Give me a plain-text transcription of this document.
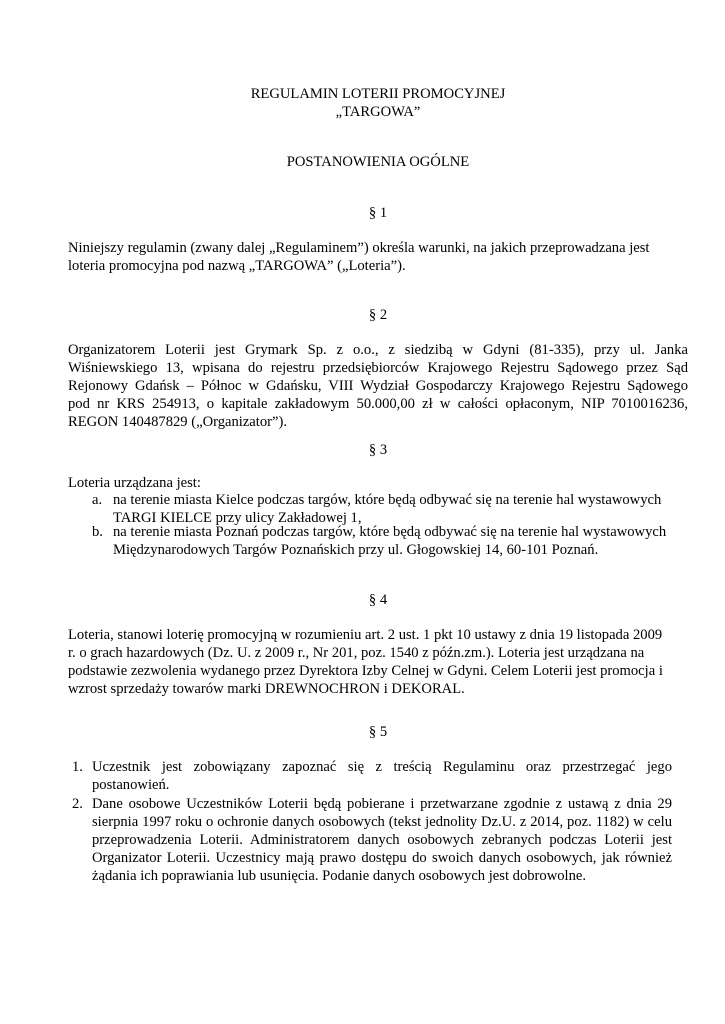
REGULAMIN LOTERII PROMOCYJNEJ
„TARGOWA”
POSTANOWIENIA OGÓLNE
§ 1
Niniejszy regulamin (zwany dalej „Regulaminem”) określa warunki, na jakich przeprowadzana jest
loteria promocyjna pod nazwą „TARGOWA” („Loteria”).
§ 2
Organizatorem Loterii jest Grymark Sp. z o.o., z siedzibą w Gdyni (81-335), przy ul. Janka
Wiśniewskiego 13, wpisana do rejestru przedsiębiorców Krajowego Rejestru Sądowego przez Sąd
Rejonowy Gdańsk – Północ w Gdańsku, VIII Wydział Gospodarczy Krajowego Rejestru Sądowego
pod nr KRS 254913, o kapitale zakładowym 50.000,00 zł w całości opłaconym, NIP 7010016236,
REGON 140487829 („Organizator”).
§ 3
Loteria urządzana jest:
a. na terenie miasta Kielce podczas targów, które będą odbywać się na terenie hal wystawowych
TARGI KIELCE przy ulicy Zakładowej 1,
b. na terenie miasta Poznań podczas targów, które będą odbywać się na terenie hal wystawowych
Międzynarodowych Targów Poznańskich przy ul. Głogowskiej 14, 60-101 Poznań.
§ 4
Loteria, stanowi loterię promocyjną w rozumieniu art. 2 ust. 1 pkt 10 ustawy z dnia 19 listopada 2009
r. o grach hazardowych (Dz. U. z 2009 r., Nr 201, poz. 1540 z późn.zm.). Loteria jest urządzana na
podstawie zezwolenia wydanego przez Dyrektora Izby Celnej w Gdyni. Celem Loterii jest promocja i
wzrost sprzedaży towarów marki DREWNOCHRON i DEKORAL.
§ 5
1. Uczestnik jest zobowiązany zapoznać się z treścią Regulaminu oraz przestrzegać jego
postanowień.
2. Dane osobowe Uczestników Loterii będą pobierane i przetwarzane zgodnie z ustawą z dnia 29
sierpnia 1997 roku o ochronie danych osobowych (tekst jednolity Dz.U. z 2014, poz. 1182) w celu
przeprowadzenia Loterii. Administratorem danych osobowych zebranych podczas Loterii jest
Organizator Loterii. Uczestnicy mają prawo dostępu do swoich danych osobowych, jak również
żądania ich poprawiania lub usunięcia. Podanie danych osobowych jest dobrowolne.
